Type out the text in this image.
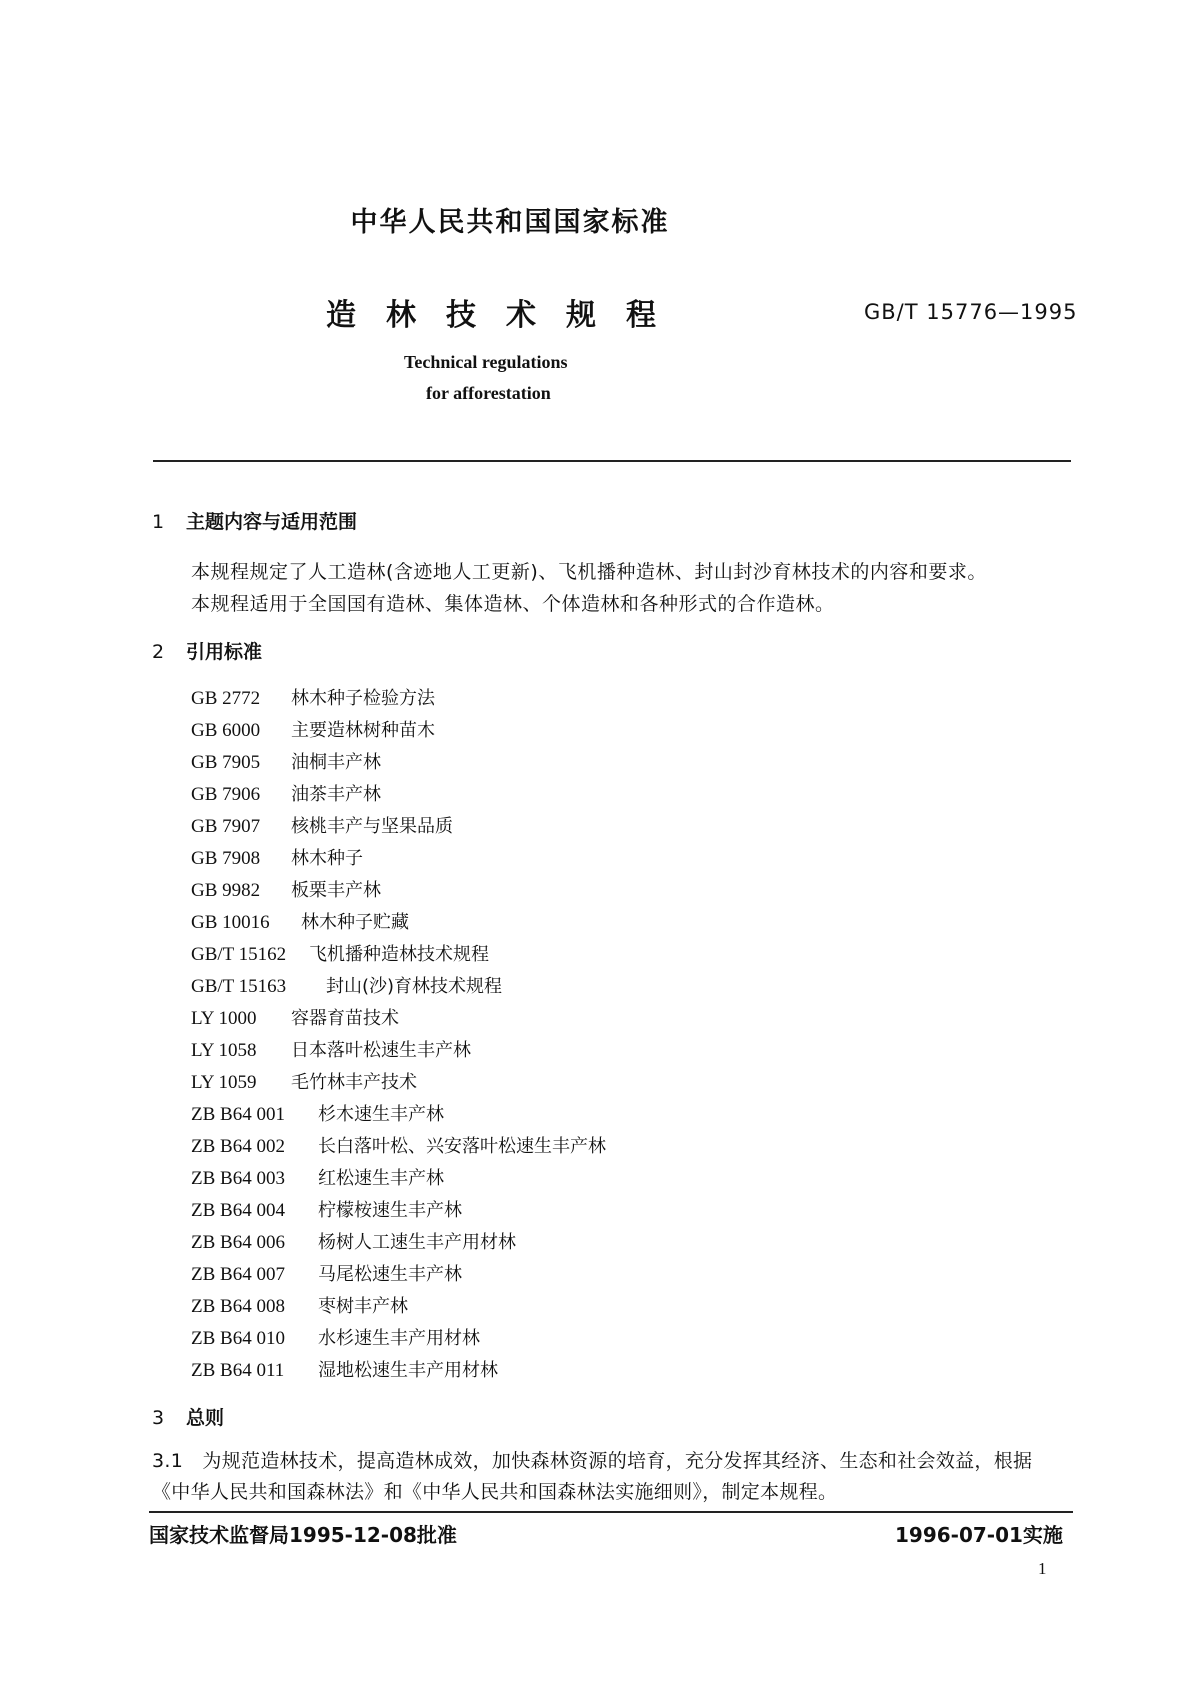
中华人民共和国国家标准
造林技术规程	GB/T 15776—1995
Technical regulations
for afforestation
1 主题内容与适用范围
本规程规定了人工造林(含迹地人工更新)、飞机播种造林、封山封沙育林技术的内容和要求。
本规程适用于全国国有造林、集体造林、个体造林和各种形式的合作造林。
2 引用标准
GB 2772 林木种子检验方法
GB 6000 主要造林树种苗木
GB 7905 油桐丰产林
GB 7906 油茶丰产林
GB 7907 核桃丰产与坚果品质
GB 7908 林木种子
GB 9982 板栗丰产林
GB 10016 林木种子贮藏
GB/T 15162 飞机播种造林技术规程
GB/T 15163 封山(沙)育林技术规程
LY 1000 容器育苗技术
LY 1058 日本落叶松速生丰产林
LY 1059 毛竹林丰产技术
ZB B64 001 杉木速生丰产林
ZB B64 002 长白落叶松、兴安落叶松速生丰产林
ZB B64 003 红松速生丰产林
ZB B64 004 柠檬桉速生丰产林
ZB B64 006 杨树人工速生丰产用材林
ZB B64 007 马尾松速生丰产林
ZB B64 008 枣树丰产林
ZB B64 010 水杉速生丰产用材林
ZB B64 011 湿地松速生丰产用材林
3 总则
3.1　为规范造林技术，提高造林成效，加快森林资源的培育，充分发挥其经济、生态和社会效益，根据
《中华人民共和国森林法》和《中华人民共和国森林法实施细则》，制定本规程。
国家技术监督局1995-12-08批准	1996-07-01实施
1
